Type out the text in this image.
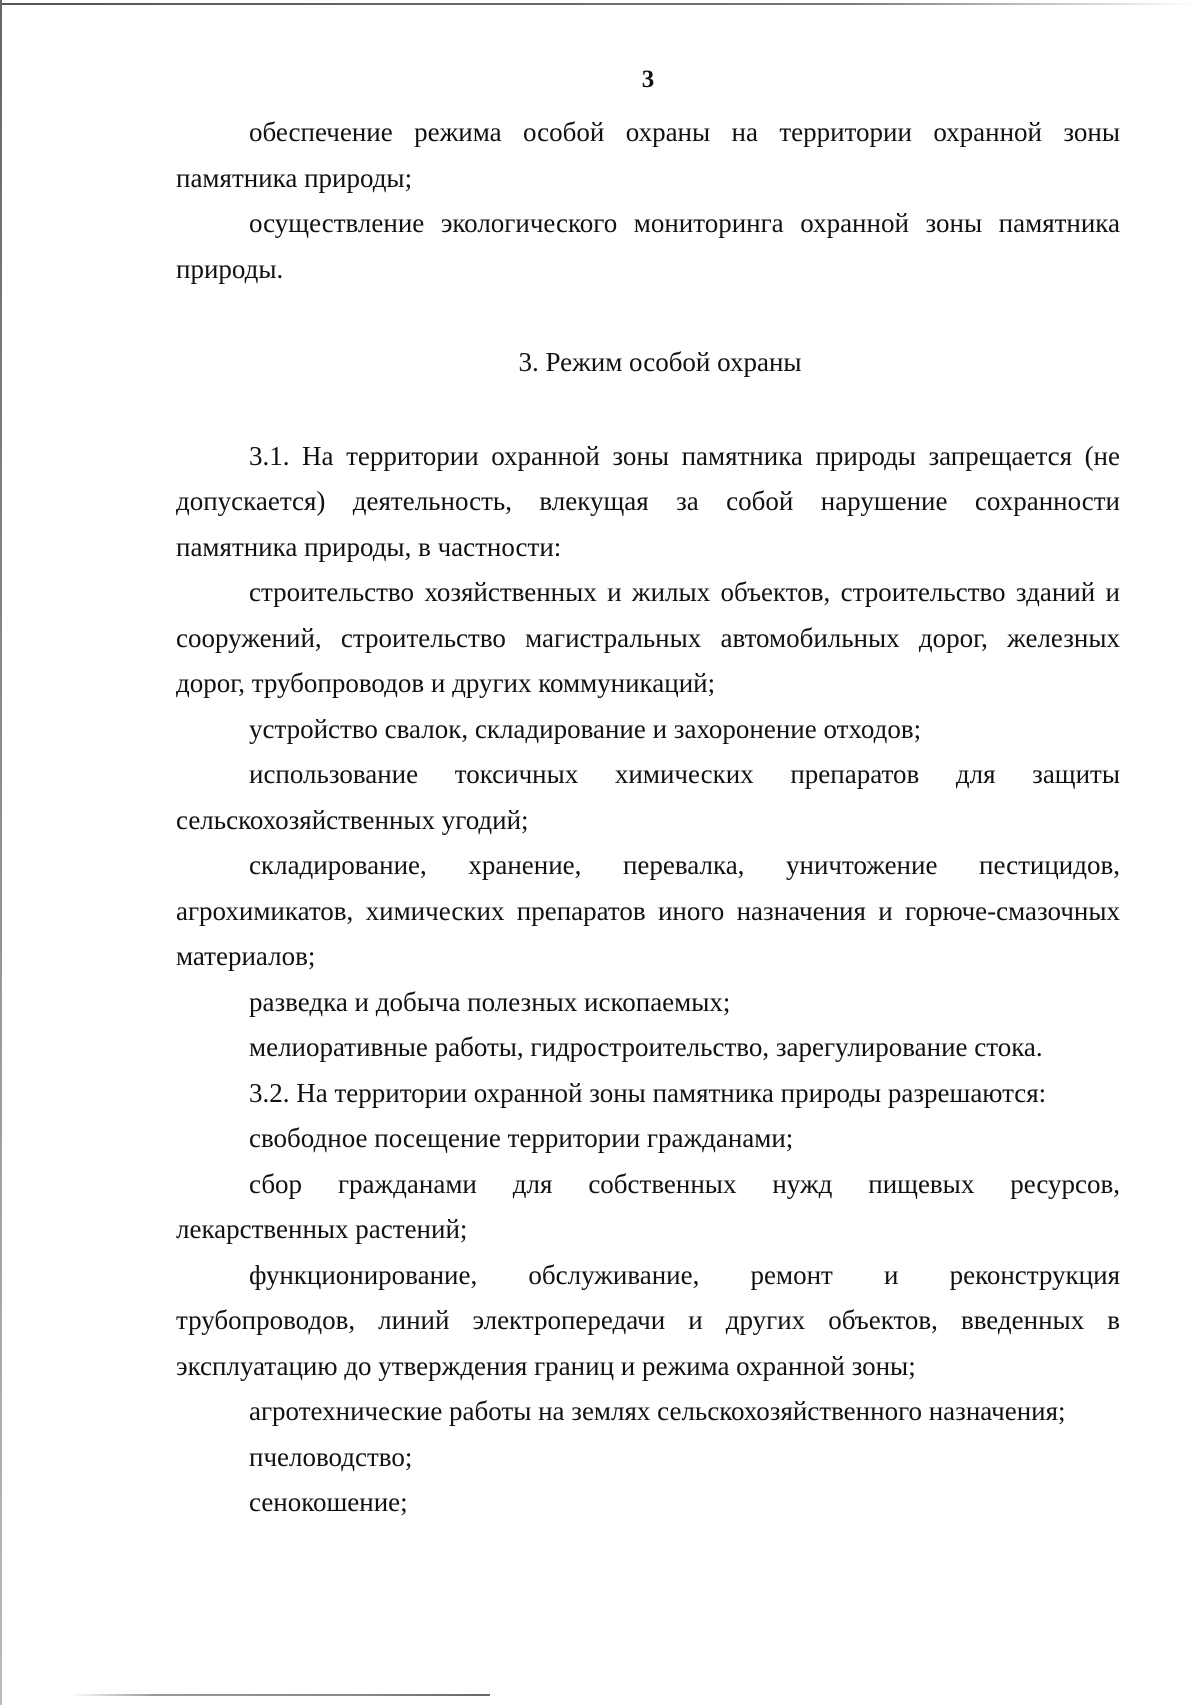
3

обеспечение режима особой охраны на территории охранной зоны памятника природы;

осуществление экологического мониторинга охранной зоны памятника природы.

3. Режим особой охраны

3.1. На территории охранной зоны памятника природы запрещается (не допускается) деятельность, влекущая за собой нарушение сохранности памятника природы, в частности:

строительство хозяйственных и жилых объектов, строительство зданий и сооружений, строительство магистральных автомобильных дорог, железных дорог, трубопроводов и других коммуникаций;

устройство свалок, складирование и захоронение отходов;

использование токсичных химических препаратов для защиты сельскохозяйственных угодий;

складирование, хранение, перевалка, уничтожение пестицидов, агрохимикатов, химических препаратов иного назначения и горюче-смазочных материалов;

разведка и добыча полезных ископаемых;

мелиоративные работы, гидростроительство, зарегулирование стока.

3.2. На территории охранной зоны памятника природы разрешаются:

свободное посещение территории гражданами;

сбор гражданами для собственных нужд пищевых ресурсов, лекарственных растений;

функционирование, обслуживание, ремонт и реконструкция трубопроводов, линий электропередачи и других объектов, введенных в эксплуатацию до утверждения границ и режима охранной зоны;

агротехнические работы на землях сельскохозяйственного назначения;

пчеловодство;

сенокошение;
